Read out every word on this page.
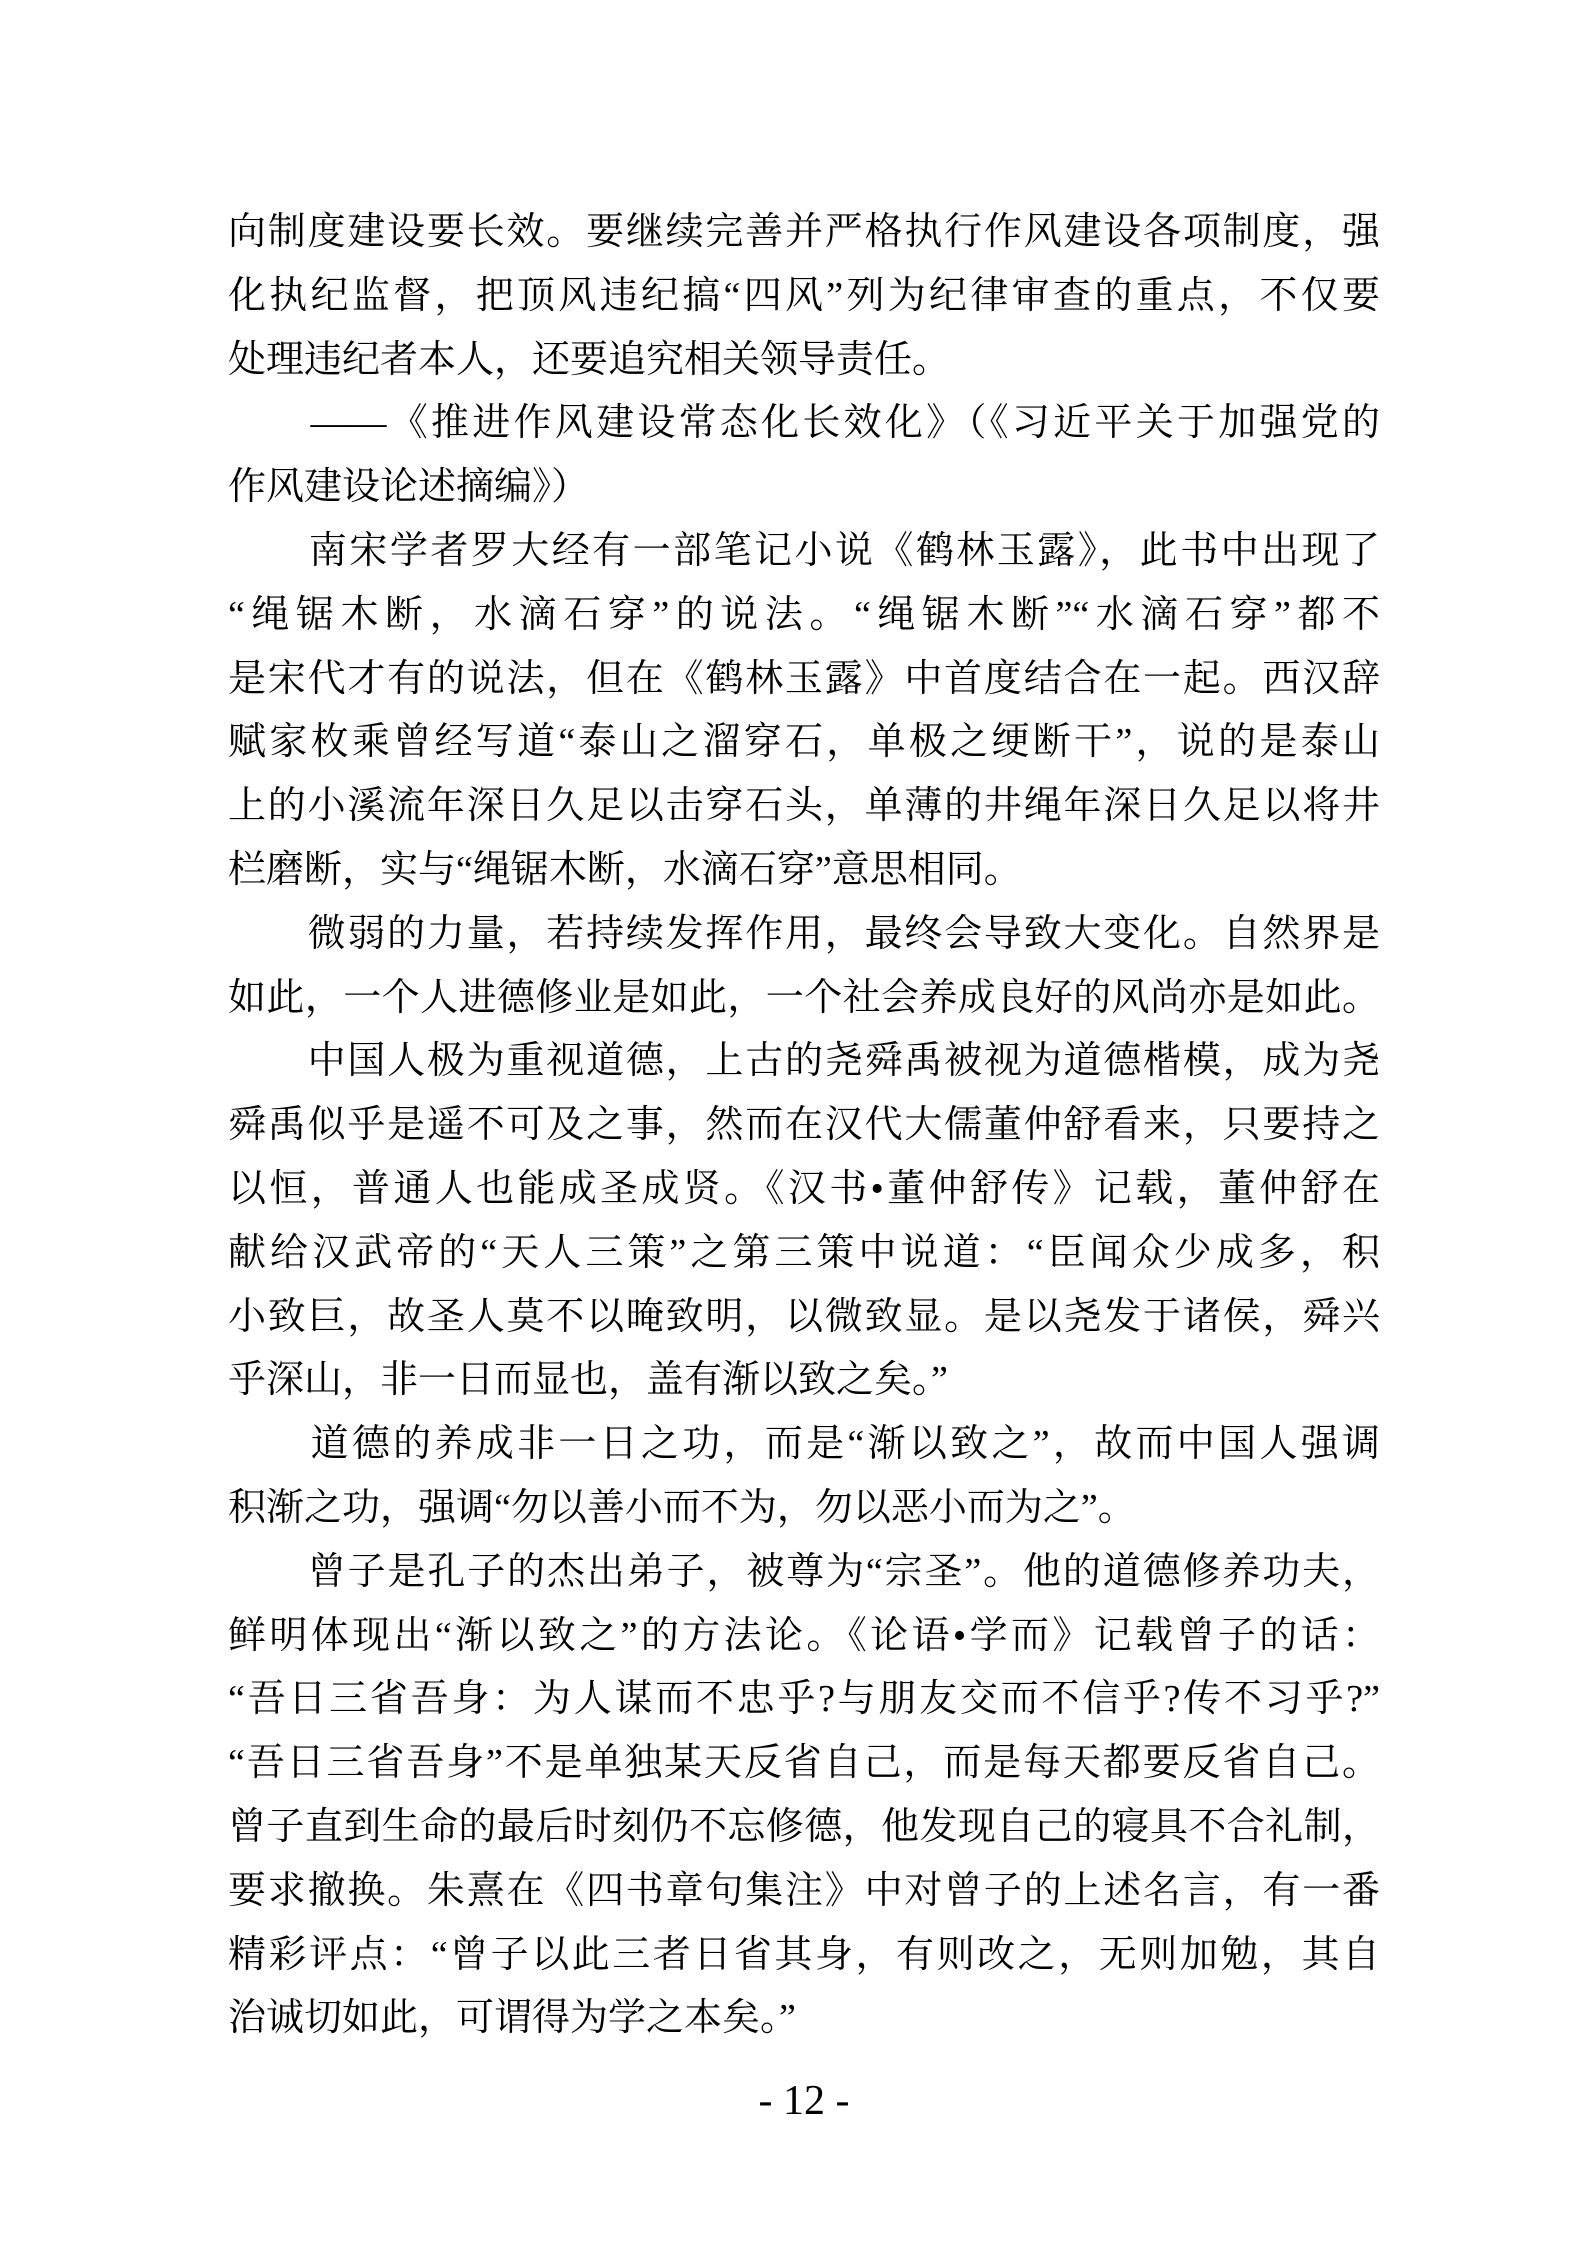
向制度建设要长效。要继续完善并严格执行作风建设各项制度，强
化执纪监督，把顶风违纪搞“四风”列为纪律审查的重点，不仅要
处理违纪者本人，还要追究相关领导责任。
　　——《推进作风建设常态化长效化》（《习近平关于加强党的
作风建设论述摘编》）
　　南宋学者罗大经有一部笔记小说《鹤林玉露》，此书中出现了
“绳锯木断，水滴石穿”的说法。“绳锯木断”“水滴石穿”都不
是宋代才有的说法，但在《鹤林玉露》中首度结合在一起。西汉辞
赋家枚乘曾经写道“泰山之溜穿石，单极之绠断干”，说的是泰山
上的小溪流年深日久足以击穿石头，单薄的井绳年深日久足以将井
栏磨断，实与“绳锯木断，水滴石穿”意思相同。
　　微弱的力量，若持续发挥作用，最终会导致大变化。自然界是
如此，一个人进德修业是如此，一个社会养成良好的风尚亦是如此。
　　中国人极为重视道德，上古的尧舜禹被视为道德楷模，成为尧
舜禹似乎是遥不可及之事，然而在汉代大儒董仲舒看来，只要持之
以恒，普通人也能成圣成贤。《汉书•董仲舒传》记载，董仲舒在
献给汉武帝的“天人三策”之第三策中说道：“臣闻众少成多，积
小致巨，故圣人莫不以晻致明，以微致显。是以尧发于诸侯，舜兴
乎深山，非一日而显也，盖有渐以致之矣。”
　　道德的养成非一日之功，而是“渐以致之”，故而中国人强调
积渐之功，强调“勿以善小而不为，勿以恶小而为之”。
　　曾子是孔子的杰出弟子，被尊为“宗圣”。他的道德修养功夫，
鲜明体现出“渐以致之”的方法论。《论语•学而》记载曾子的话：
“吾日三省吾身：为人谋而不忠乎?与朋友交而不信乎?传不习乎?”
“吾日三省吾身”不是单独某天反省自己，而是每天都要反省自己。
曾子直到生命的最后时刻仍不忘修德，他发现自己的寝具不合礼制，
要求撤换。朱熹在《四书章句集注》中对曾子的上述名言，有一番
精彩评点：“曾子以此三者日省其身，有则改之，无则加勉，其自
治诚切如此，可谓得为学之本矣。”
- 12 -
